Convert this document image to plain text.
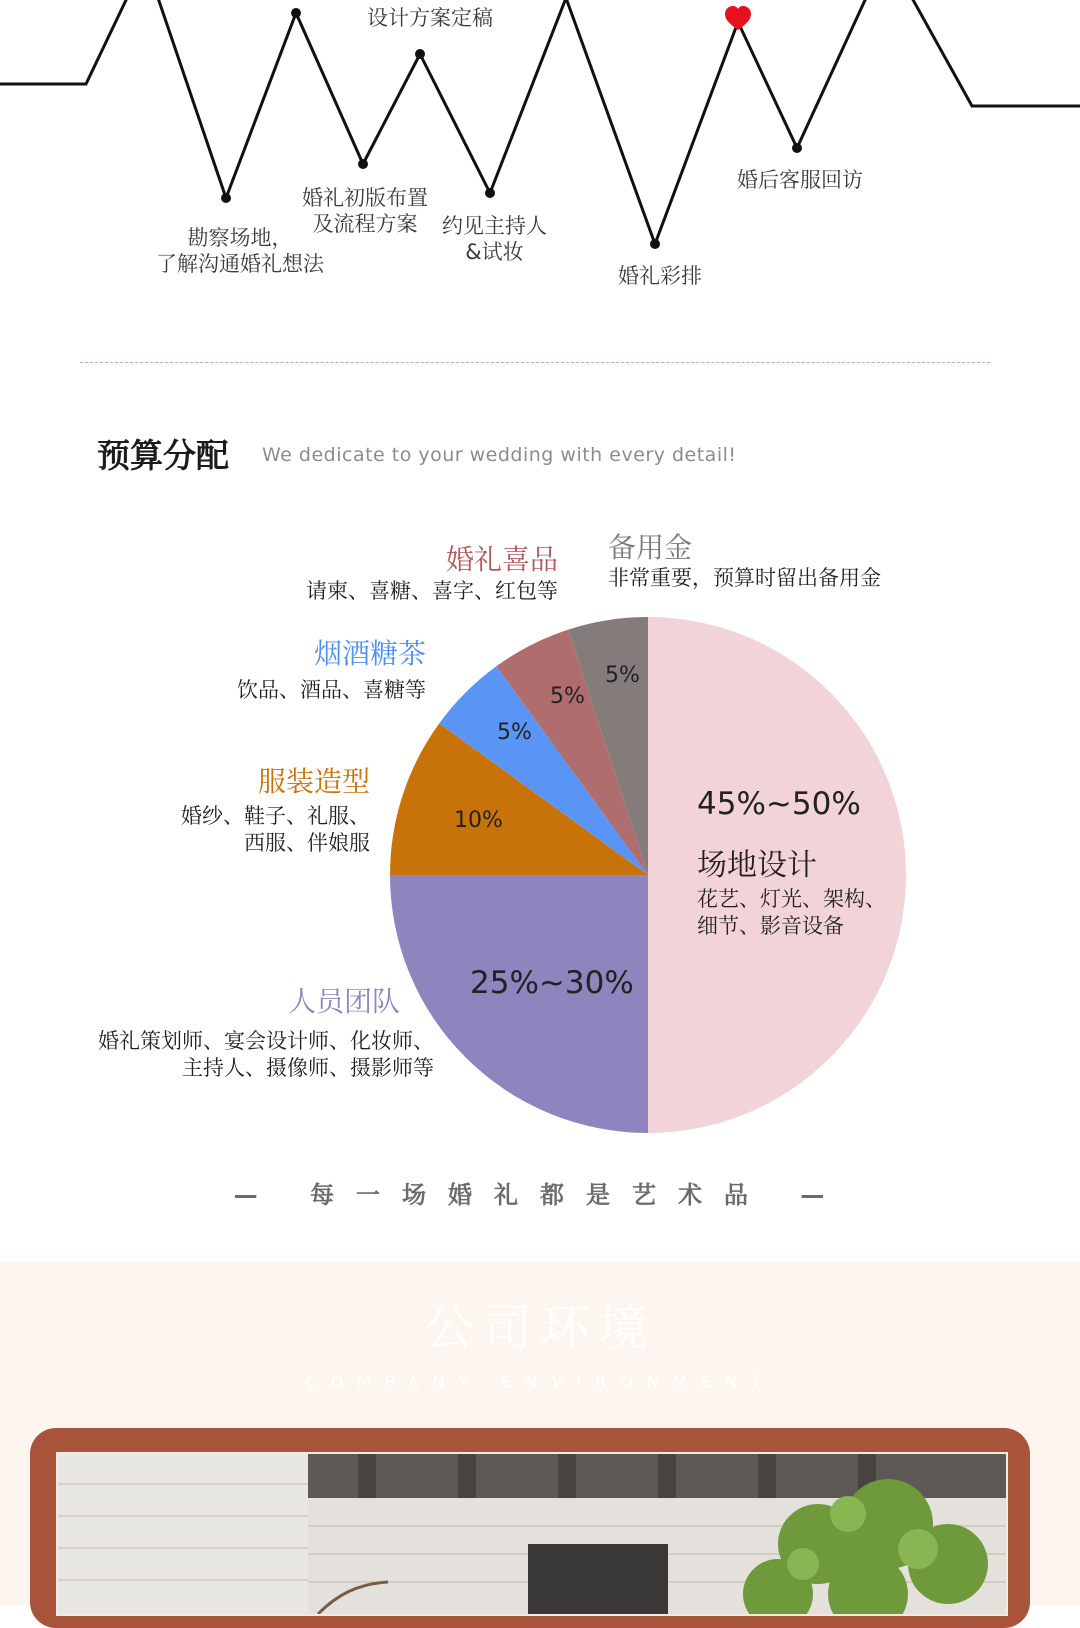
设计方案定稿
勘察场地，
了解沟通婚礼想法
婚礼初版布置
及流程方案	约见主持人
&试妆
婚礼彩排
婚后客服回访
预算分配 We dedicate to your wedding with every detail!
45%~50%
25%~30%
10%
5%
5%
5%
场地设计
花艺、灯光、架构、
细节、影音设备
婚礼喜品
请柬、喜糖、喜字、红包等
备用金
非常重要，预算时留出备用金
烟酒糖茶
饮品、酒品、喜糖等
服装造型
婚纱、鞋子、礼服、
西服、伴娘服
人员团队
婚礼策划师、宴会设计师、化妆师、
主持人、摄像师、摄影师等
— 每一场婚礼都是艺术品 —
公司环境
COMPANY ENVIRONMENT
